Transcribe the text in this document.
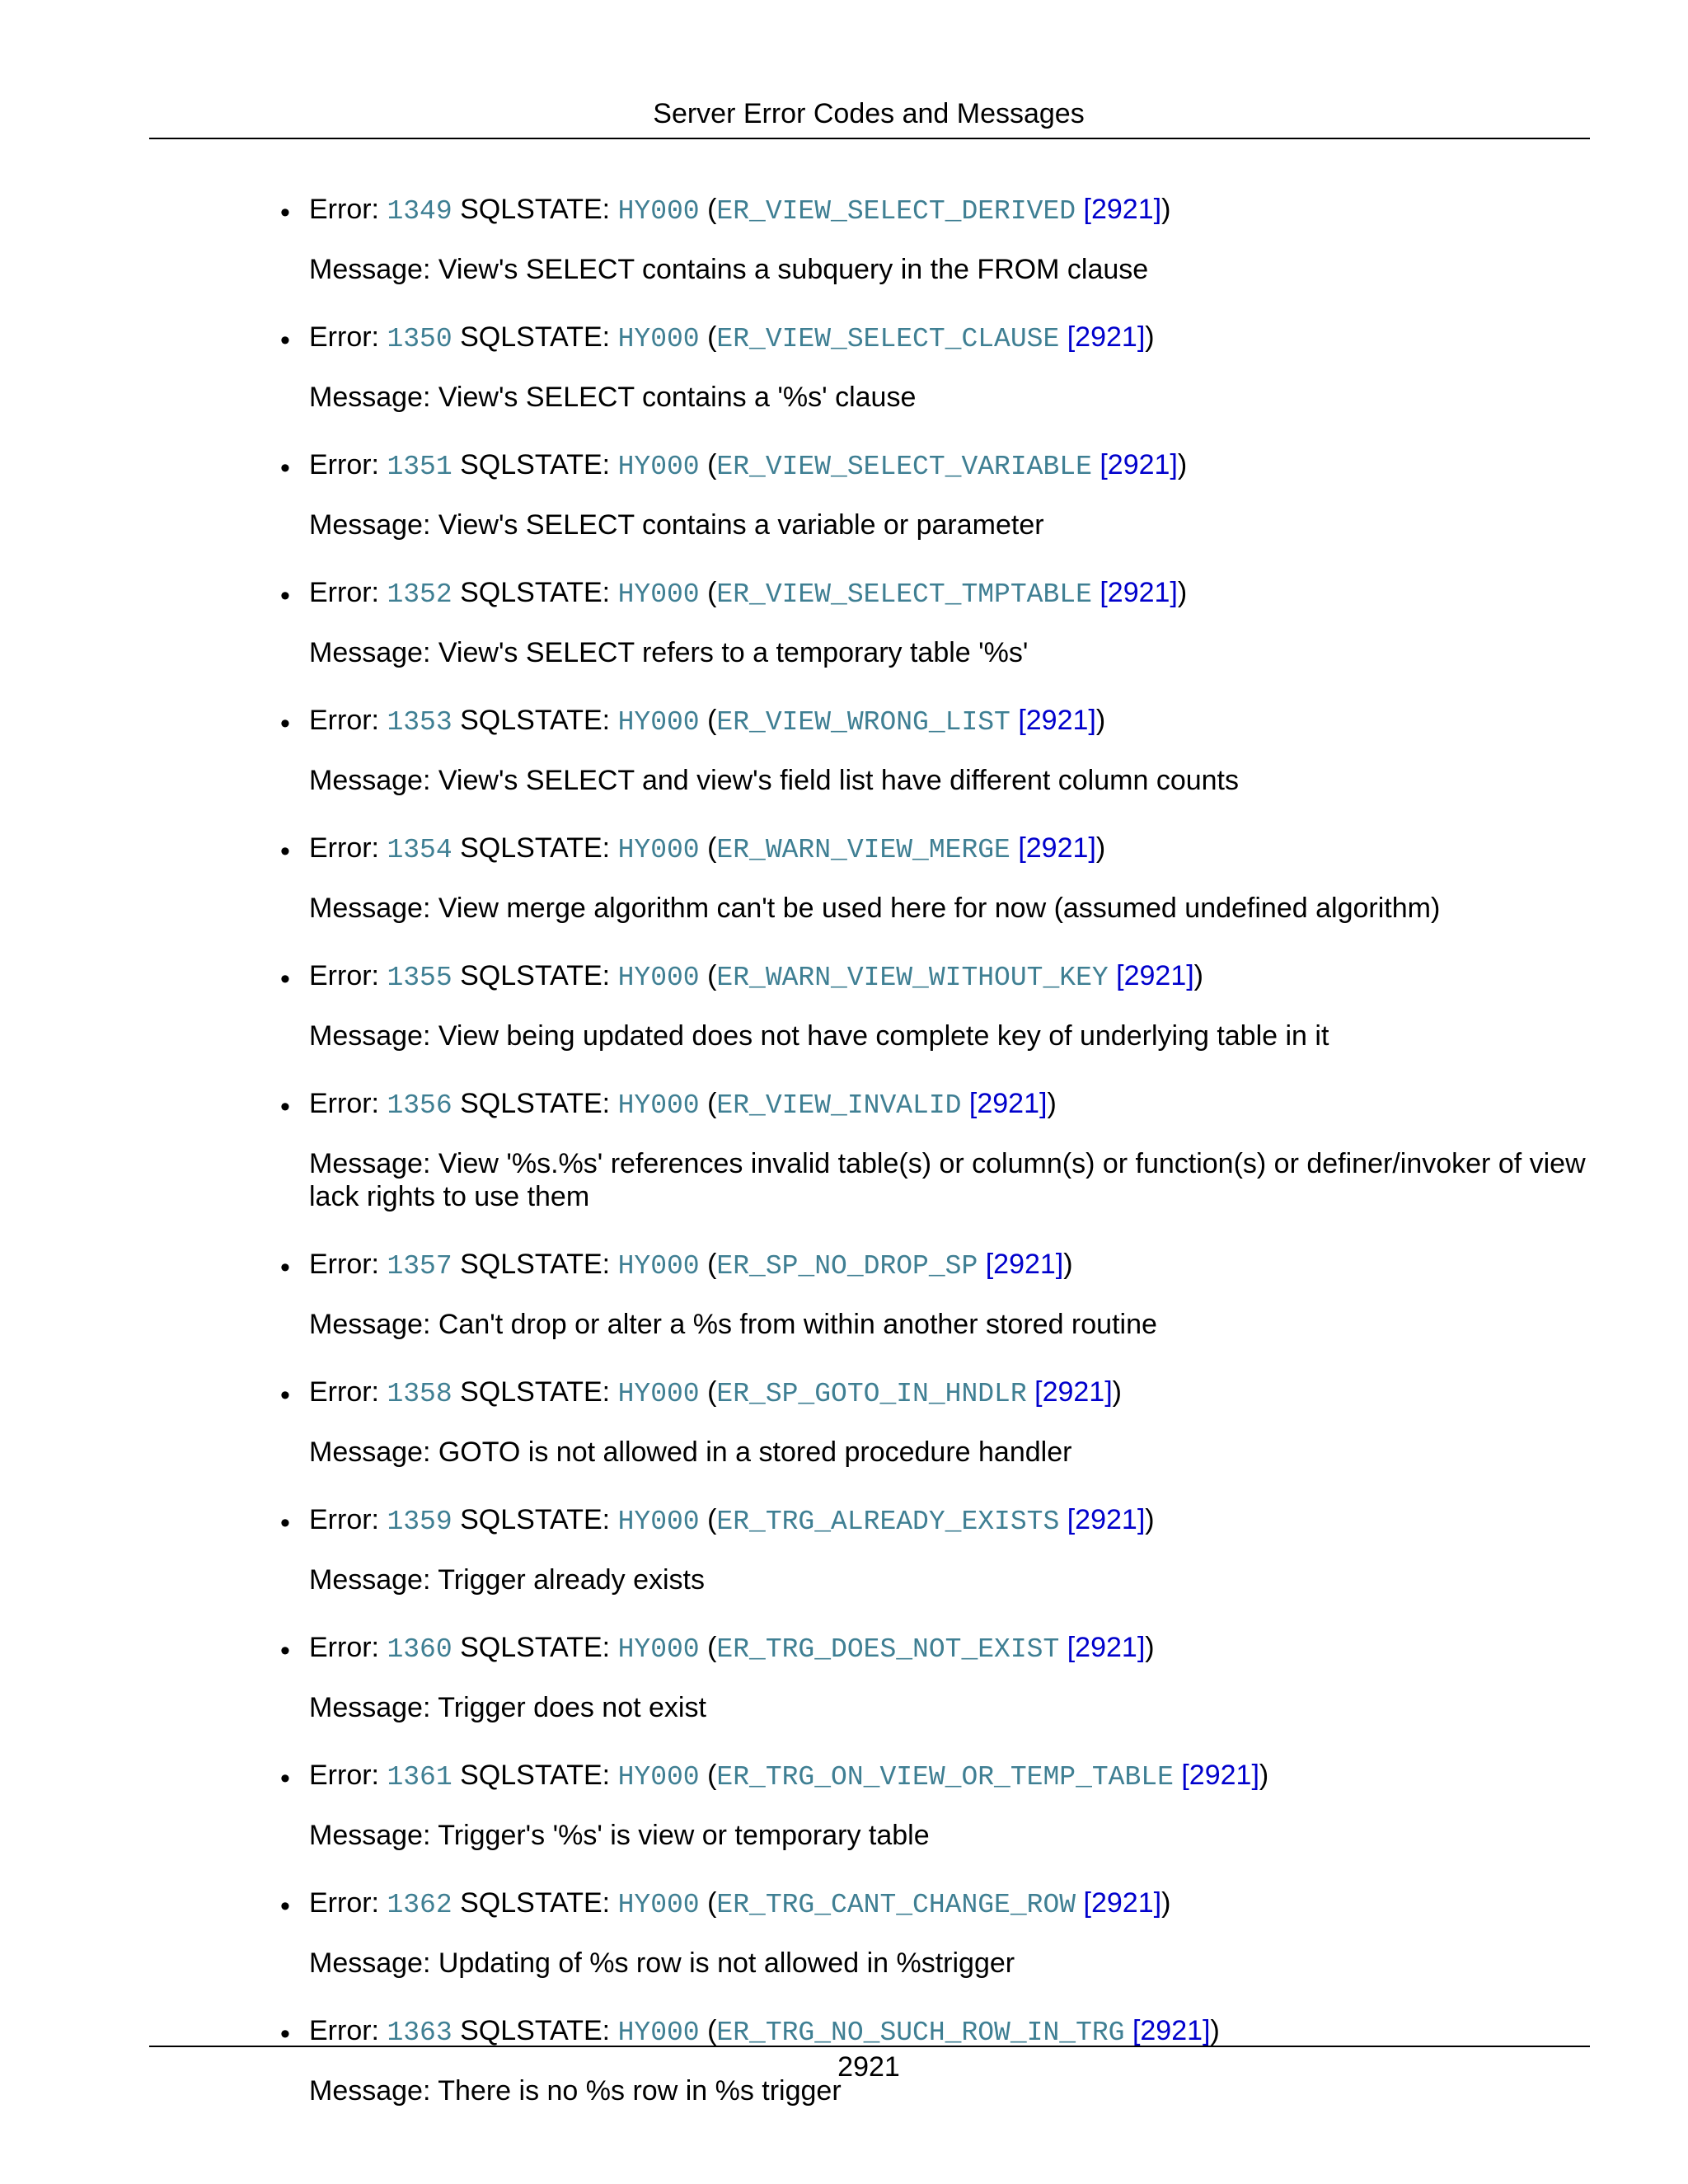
Server Error Codes and Messages
• Error: 1349 SQLSTATE: HY000 (ER_VIEW_SELECT_DERIVED [2921])
Message: View's SELECT contains a subquery in the FROM clause
• Error: 1350 SQLSTATE: HY000 (ER_VIEW_SELECT_CLAUSE [2921])
Message: View's SELECT contains a '%s' clause
• Error: 1351 SQLSTATE: HY000 (ER_VIEW_SELECT_VARIABLE [2921])
Message: View's SELECT contains a variable or parameter
• Error: 1352 SQLSTATE: HY000 (ER_VIEW_SELECT_TMPTABLE [2921])
Message: View's SELECT refers to a temporary table '%s'
• Error: 1353 SQLSTATE: HY000 (ER_VIEW_WRONG_LIST [2921])
Message: View's SELECT and view's field list have different column counts
• Error: 1354 SQLSTATE: HY000 (ER_WARN_VIEW_MERGE [2921])
Message: View merge algorithm can't be used here for now (assumed undefined algorithm)
• Error: 1355 SQLSTATE: HY000 (ER_WARN_VIEW_WITHOUT_KEY [2921])
Message: View being updated does not have complete key of underlying table in it
• Error: 1356 SQLSTATE: HY000 (ER_VIEW_INVALID [2921])
Message: View '%s.%s' references invalid table(s) or column(s) or function(s) or definer/invoker of view lack rights to use them
• Error: 1357 SQLSTATE: HY000 (ER_SP_NO_DROP_SP [2921])
Message: Can't drop or alter a %s from within another stored routine
• Error: 1358 SQLSTATE: HY000 (ER_SP_GOTO_IN_HNDLR [2921])
Message: GOTO is not allowed in a stored procedure handler
• Error: 1359 SQLSTATE: HY000 (ER_TRG_ALREADY_EXISTS [2921])
Message: Trigger already exists
• Error: 1360 SQLSTATE: HY000 (ER_TRG_DOES_NOT_EXIST [2921])
Message: Trigger does not exist
• Error: 1361 SQLSTATE: HY000 (ER_TRG_ON_VIEW_OR_TEMP_TABLE [2921])
Message: Trigger's '%s' is view or temporary table
• Error: 1362 SQLSTATE: HY000 (ER_TRG_CANT_CHANGE_ROW [2921])
Message: Updating of %s row is not allowed in %strigger
• Error: 1363 SQLSTATE: HY000 (ER_TRG_NO_SUCH_ROW_IN_TRG [2921])
Message: There is no %s row in %s trigger
2921
